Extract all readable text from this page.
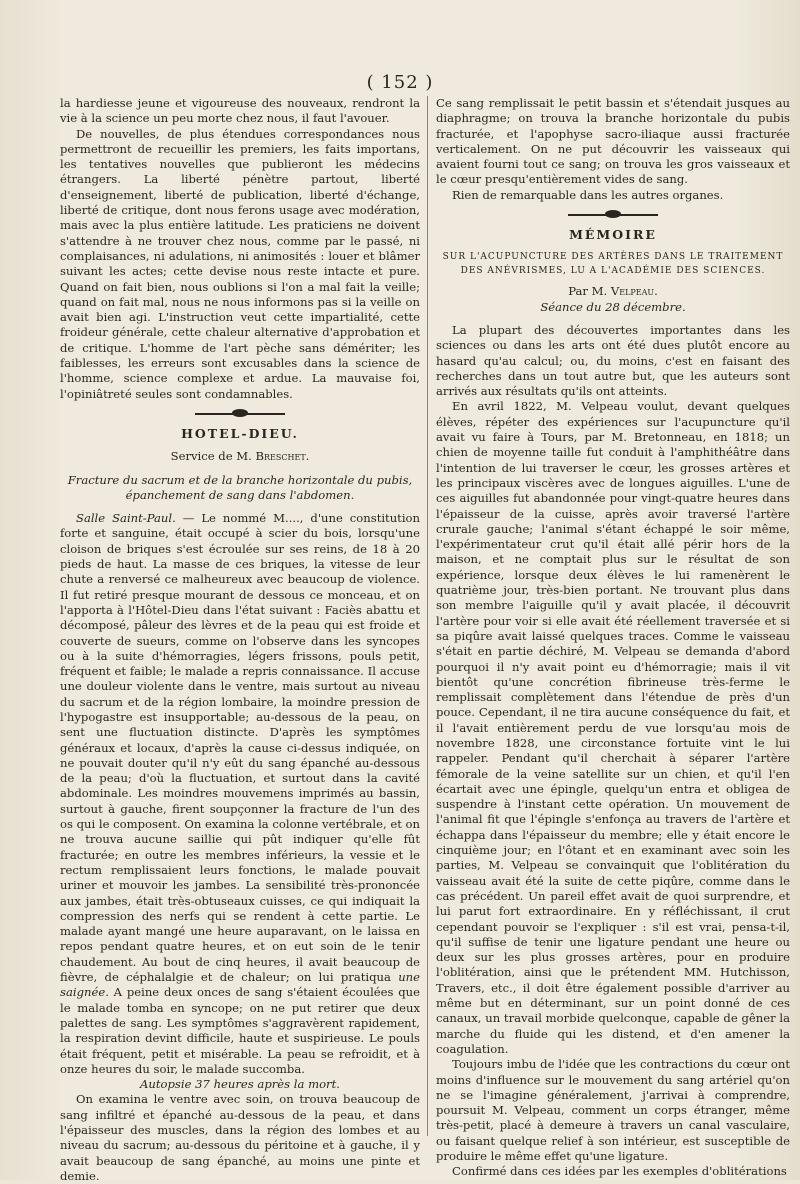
( 152 )

la hardiesse jeune et vigoureuse des nouveaux, rendront la vie à la science un peu morte chez nous, il faut l'avouer.

De nouvelles, de plus étendues correspondances nous permettront de recueillir les premiers, les faits importans, les tentatives nouvelles que publieront les médecins étrangers. La liberté pénètre partout, liberté d'enseignement, liberté de publication, liberté d'échange, liberté de critique, dont nous ferons usage avec modération, mais avec la plus entière latitude. Les praticiens ne doivent s'attendre à ne trouver chez nous, comme par le passé, ni complaisances, ni adulations, ni animosités : louer et blâmer suivant les actes; cette devise nous reste intacte et pure. Quand on fait bien, nous oublions si l'on a mal fait la veille; quand on fait mal, nous ne nous informons pas si la veille on avait bien agi. L'instruction veut cette impartialité, cette froideur générale, cette chaleur alternative d'approbation et de critique. L'homme de l'art pèche sans démériter; les faiblesses, les erreurs sont excusables dans la science de l'homme, science complexe et ardue. La mauvaise foi, l'opiniâtreté seules sont condamnables.

HOTEL-DIEU.

Service de M. Breschet.

Fracture du sacrum et de la branche horizontale du pubis, épanchement de sang dans l'abdomen.

Salle Saint-Paul. — Le nommé M...., d'une constitution forte et sanguine, était occupé à scier du bois, lorsqu'une cloison de briques s'est écroulée sur ses reins, de 18 à 20 pieds de haut. La masse de ces briques, la vitesse de leur chute a renversé ce malheureux avec beaucoup de violence. Il fut retiré presque mourant de dessous ce monceau, et on l'apporta à l'Hôtel-Dieu dans l'état suivant : Faciès abattu et décomposé, pâleur des lèvres et de la peau qui est froide et couverte de sueurs, comme on l'observe dans les syncopes ou à la suite d'hémorragies, légers frissons, pouls petit, fréquent et faible; le malade a repris connaissance. Il accuse une douleur violente dans le ventre, mais surtout au niveau du sacrum et de la région lombaire, la moindre pression de l'hypogastre est insupportable; au-dessous de la peau, on sent une fluctuation distincte. D'après les symptômes généraux et locaux, d'après la cause ci-dessus indiquée, on ne pouvait douter qu'il n'y eût du sang épanché au-dessous de la peau; d'où la fluctuation, et surtout dans la cavité abdominale. Les moindres mouvemens imprimés au bassin, surtout à gauche, firent soupçonner la fracture de l'un des os qui le composent. On examina la colonne vertébrale, et on ne trouva aucune saillie qui pût indiquer qu'elle fût fracturée; en outre les membres inférieurs, la vessie et le rectum remplissaient leurs fonctions, le malade pouvait uriner et mouvoir les jambes. La sensibilité très-prononcée aux jambes, était très-obtuseaux cuisses, ce qui indiquait la compression des nerfs qui se rendent à cette partie. Le malade ayant mangé une heure auparavant, on le laissa en repos pendant quatre heures, et on eut soin de le tenir chaudement. Au bout de cinq heures, il avait beaucoup de fièvre, de céphalalgie et de chaleur; on lui pratiqua une saignée. A peine deux onces de sang s'étaient écoulées que le malade tomba en syncope; on ne put retirer que deux palettes de sang. Les symptômes s'aggravèrent rapidement, la respiration devint difficile, haute et suspirieuse. Le pouls était fréquent, petit et misérable. La peau se refroidit, et à onze heures du soir, le malade succomba.

Autopsie 37 heures après la mort.

On examina le ventre avec soin, on trouva beaucoup de sang infiltré et épanché au-dessous de la peau, et dans l'épaisseur des muscles, dans la région des lombes et au niveau du sacrum; au-dessous du péritoine et à gauche, il y avait beaucoup de sang épanché, au moins une pinte et demie.

Ce sang remplissait le petit bassin et s'étendait jusques au diaphragme; on trouva la branche horizontale du pubis fracturée, et l'apophyse sacro-iliaque aussi fracturée verticalement. On ne put découvrir les vaisseaux qui avaient fourni tout ce sang; on trouva les gros vaisseaux et le cœur presqu'entièrement vides de sang.

Rien de remarquable dans les autres organes.

MÉMOIRE
SUR L'ACUPUNCTURE DES ARTÈRES DANS LE TRAITEMENT DES ANÉVRISMES, LU A L'ACADÉMIE DES SCIENCES.

Par M. Velpeau.

Séance du 28 décembre.

La plupart des découvertes importantes dans les sciences ou dans les arts ont été dues plutôt encore au hasard qu'au calcul; ou, du moins, c'est en faisant des recherches dans un tout autre but, que les auteurs sont arrivés aux résultats qu'ils ont atteints.

En avril 1822, M. Velpeau voulut, devant quelques élèves, répéter des expériences sur l'acupuncture qu'il avait vu faire à Tours, par M. Bretonneau, en 1818; un chien de moyenne taille fut conduit à l'amphithéâtre dans l'intention de lui traverser le cœur, les grosses artères et les principaux viscères avec de longues aiguilles. L'une de ces aiguilles fut abandonnée pour vingt-quatre heures dans l'épaisseur de la cuisse, après avoir traversé l'artère crurale gauche; l'animal s'étant échappé le soir même, l'expérimentateur crut qu'il était allé périr hors de la maison, et ne comptait plus sur le résultat de son expérience, lorsque deux élèves le lui ramenèrent le quatrième jour, très-bien portant. Ne trouvant plus dans son membre l'aiguille qu'il y avait placée, il découvrit l'artère pour voir si elle avait été réellement traversée et si sa piqûre avait laissé quelques traces. Comme le vaisseau s'était en partie déchiré, M. Velpeau se demanda d'abord pourquoi il n'y avait point eu d'hémorragie; mais il vit bientôt qu'une concrétion fibrineuse très-ferme le remplissait complètement dans l'étendue de près d'un pouce. Cependant, il ne tira aucune conséquence du fait, et il l'avait entièrement perdu de vue lorsqu'au mois de novembre 1828, une circonstance fortuite vint le lui rappeler. Pendant qu'il cherchait à séparer l'artère fémorale de la veine satellite sur un chien, et qu'il l'en écartait avec une épingle, quelqu'un entra et obligea de suspendre à l'instant cette opération. Un mouvement de l'animal fit que l'épingle s'enfonça au travers de l'artère et échappa dans l'épaisseur du membre; elle y était encore le cinquième jour; en l'ôtant et en examinant avec soin les parties, M. Velpeau se convainquit que l'oblitération du vaisseau avait été la suite de cette piqûre, comme dans le cas précédent. Un pareil effet avait de quoi surprendre, et lui parut fort extraordinaire. En y réfléchissant, il crut cependant pouvoir se l'expliquer : s'il est vrai, pensa-t-il, qu'il suffise de tenir une ligature pendant une heure ou deux sur les plus grosses artères, pour en produire l'oblitération, ainsi que le prétendent MM. Hutchisson, Travers, etc., il doit être également possible d'arriver au même but en déterminant, sur un point donné de ces canaux, un travail morbide quelconque, capable de gêner la marche du fluide qui les distend, et d'en amener la coagulation.

Toujours imbu de l'idée que les contractions du cœur ont moins d'influence sur le mouvement du sang artériel qu'on ne se l'imagine généralement, j'arrivai à comprendre, poursuit M. Velpeau, comment un corps étranger, même très-petit, placé à demeure à travers un canal vasculaire, ou faisant quelque relief à son intérieur, est susceptible de produire le même effet qu'une ligature.

Confirmé dans ces idées par les exemples d'oblitérations
